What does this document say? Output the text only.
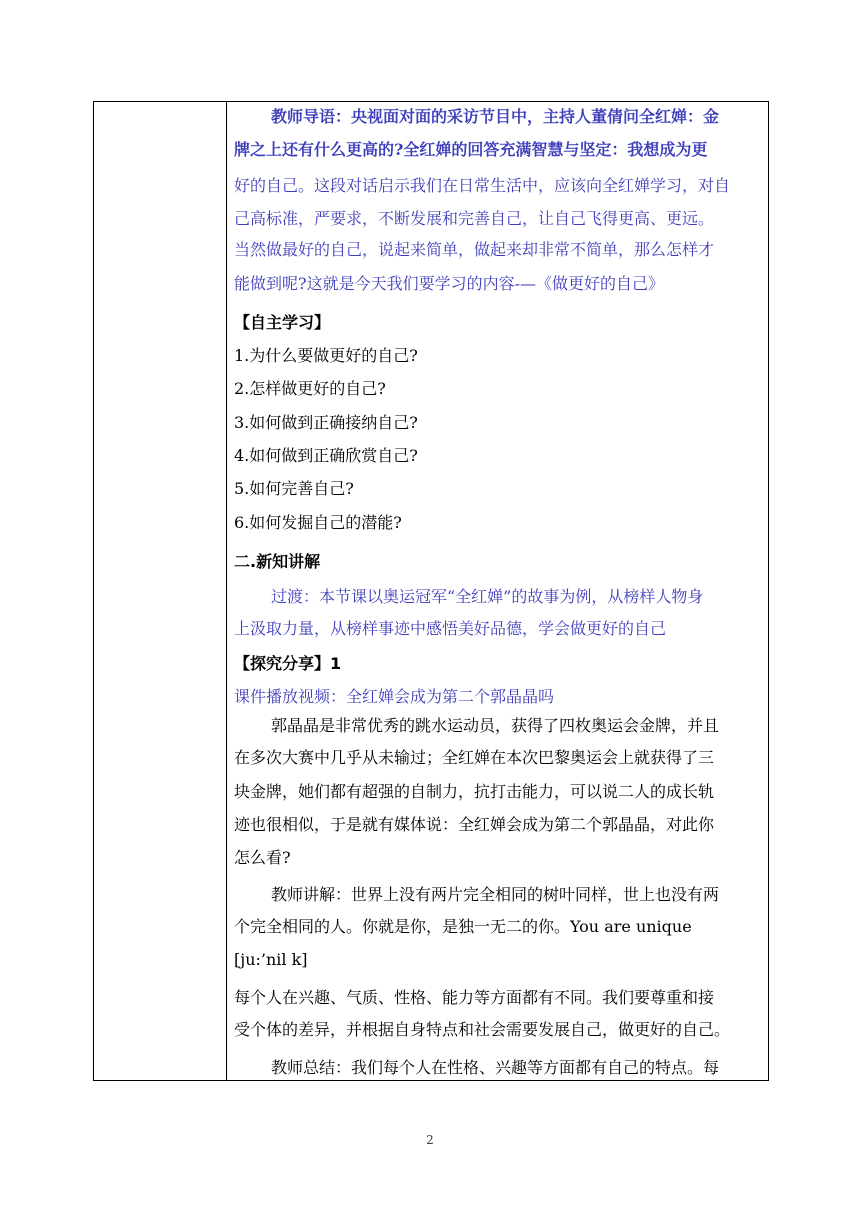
教师导语：央视面对面的采访节目中，主持人董倩问全红婵：金
牌之上还有什么更高的?全红婵的回答充满智慧与坚定：我想成为更
好的自己。这段对话启示我们在日常生活中，应该向全红婵学习，对自
己高标准，严要求，不断发展和完善自己，让自己飞得更高、更远。
当然做最好的自己，说起来简单，做起来却非常不简单，那么怎样才
能做到呢?这就是今天我们要学习的内容-—《做更好的自己》
【自主学习】
1.为什么要做更好的自己?
2.怎样做更好的自己?
3.如何做到正确接纳自己?
4.如何做到正确欣赏自己?
5.如何完善自己?
6.如何发掘自己的潜能?
二.新知讲解
过渡：本节课以奥运冠军“全红婵”的故事为例，从榜样人物身
上汲取力量，从榜样事迹中感悟美好品德，学会做更好的自己
【探究分享】1
课件播放视频：全红婵会成为第二个郭晶晶吗
郭晶晶是非常优秀的跳水运动员，获得了四枚奥运会金牌，并且
在多次大赛中几乎从未输过；全红婵在本次巴黎奥运会上就获得了三
块金牌，她们都有超强的自制力，抗打击能力，可以说二人的成长轨
迹也很相似，于是就有媒体说：全红婵会成为第二个郭晶晶，对此你
怎么看?
教师讲解：世界上没有两片完全相同的树叶同样，世上也没有两
个完全相同的人。你就是你，是独一无二的你。You are unique
[ju:’nil k]
每个人在兴趣、气质、性格、能力等方面都有不同。我们要尊重和接
受个体的差异，并根据自身特点和社会需要发展自己，做更好的自己。
教师总结：我们每个人在性格、兴趣等方面都有自己的特点。每
2
